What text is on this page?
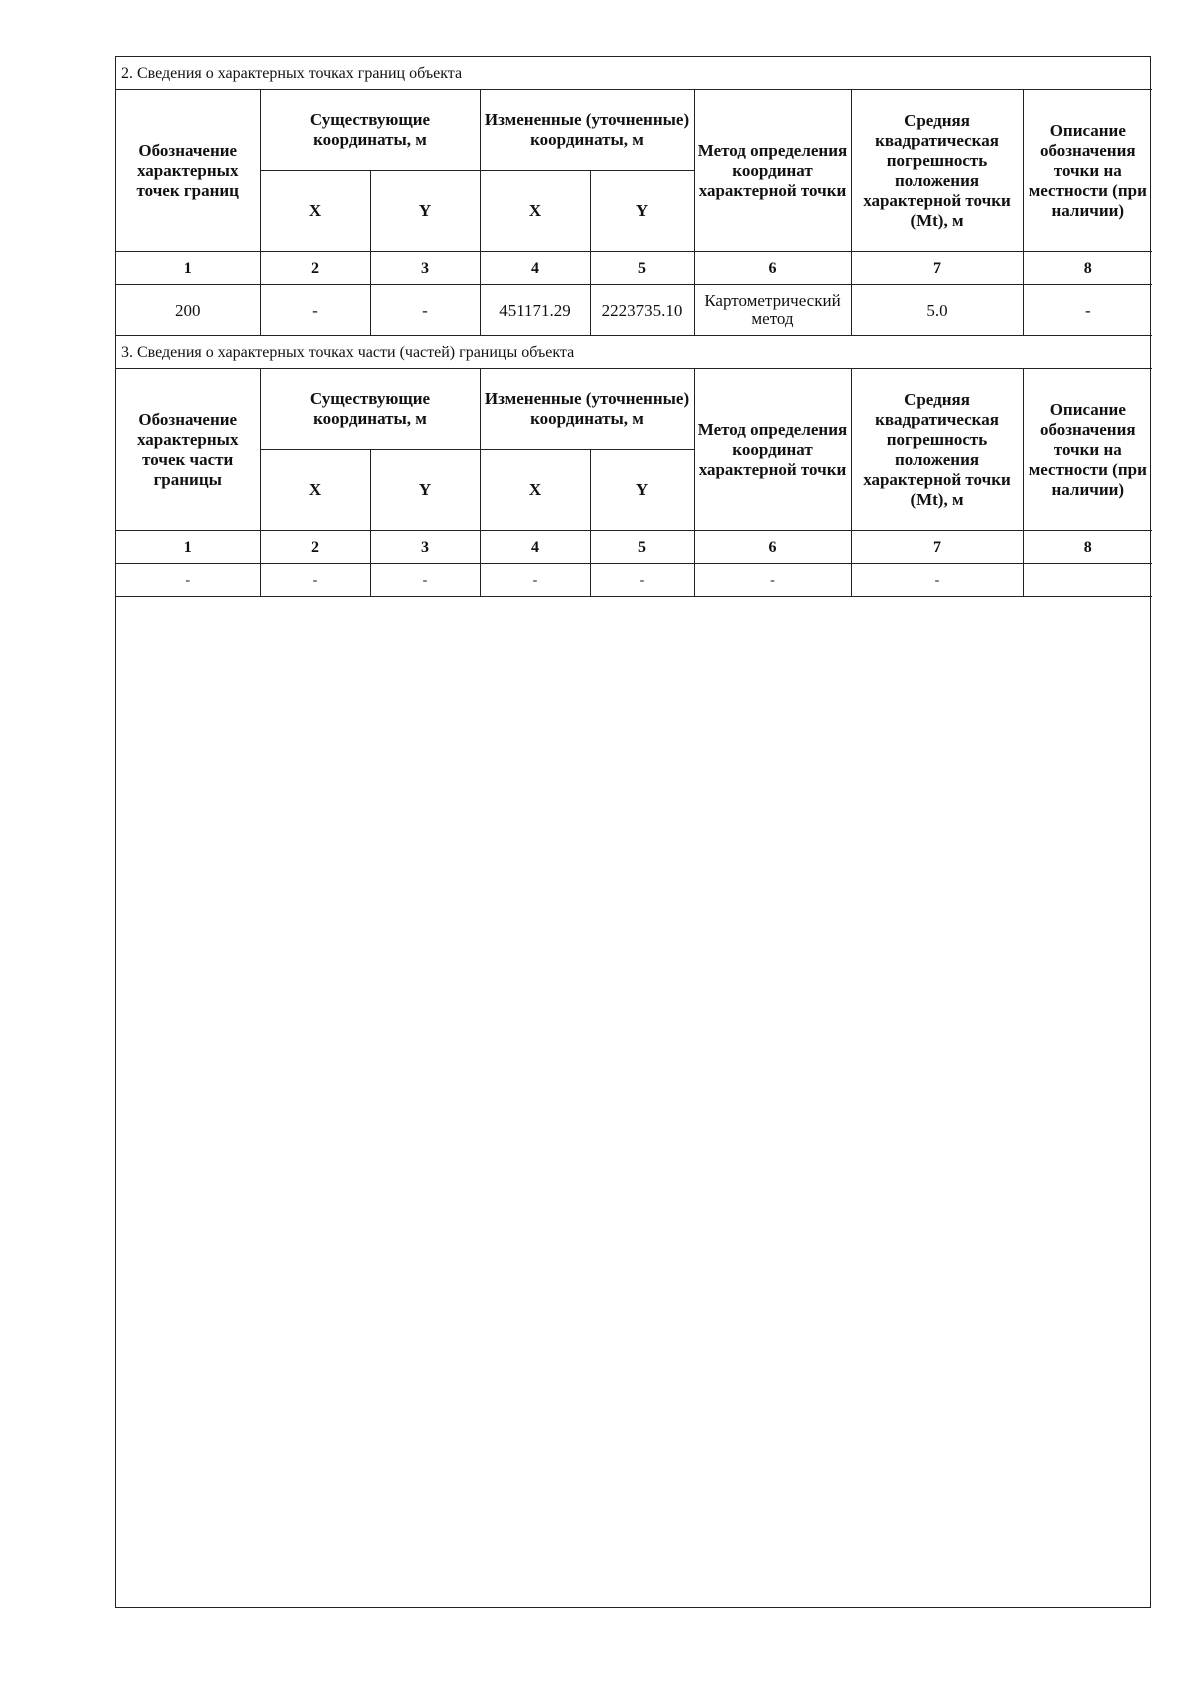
2. Сведения о характерных точках границ объекта							
Обозначение характерных точек границ	Существующие координаты, м		Измененные (уточненные) координаты, м		Метод определения координат характерной точки	Средняя квадратическая погрешность положения характерной точки (Mt), м	Описание обозначения точки на местности (при наличии)
	X	Y	X	Y			
1	2	3	4	5	6	7	8
200	-	-	451171.29	2223735.10	Картометрический метод	5.0	-
3. Сведения о характерных точках части (частей) границы объекта							
Обозначение характерных точек части границы	Существующие координаты, м		Измененные (уточненные) координаты, м		Метод определения координат характерной точки	Средняя квадратическая погрешность положения характерной точки (Mt), м	Описание обозначения точки на местности (при наличии)
	X	Y	X	Y			
1	2	3	4	5	6	7	8
-	-	-	-	-	-	-	
